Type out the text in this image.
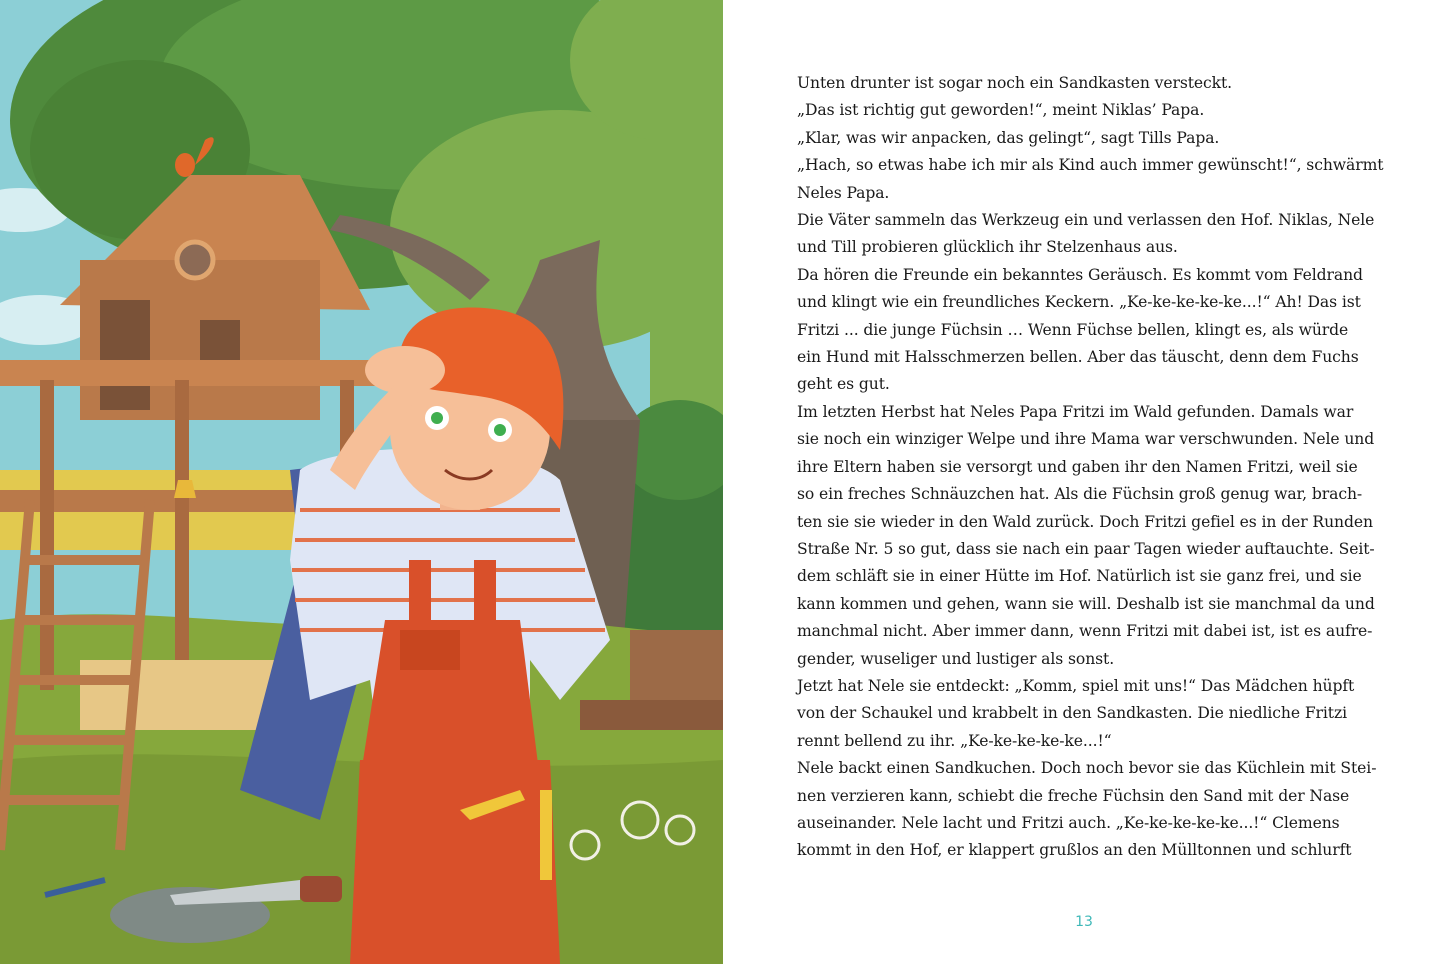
Unten drunter ist sogar noch ein Sandkasten versteckt.
„Das ist richtig gut geworden!“, meint Niklas’ Papa.
„Klar, was wir anpacken, das gelingt“, sagt Tills Papa.
„Hach, so etwas habe ich mir als Kind auch immer gewünscht!“, schwärmt
Neles Papa.
Die Väter sammeln das Werkzeug ein und verlassen den Hof. Niklas, Nele
und Till probieren glücklich ihr Stelzenhaus aus.
Da hören die Freunde ein bekanntes Geräusch. Es kommt vom Feldrand
und klingt wie ein freundliches Keckern. „Ke-ke-ke-ke-ke...!“ Ah! Das ist
Fritzi ... die junge Füchsin … Wenn Füchse bellen, klingt es, als würde
ein Hund mit Halsschmerzen bellen. Aber das täuscht, denn dem Fuchs
geht es gut.
Im letzten Herbst hat Neles Papa Fritzi im Wald gefunden. Damals war
sie noch ein winziger Welpe und ihre Mama war verschwunden. Nele und
ihre Eltern haben sie versorgt und gaben ihr den Namen Fritzi, weil sie
so ein freches Schnäuzchen hat. Als die Füchsin groß genug war, brach-
ten sie sie wieder in den Wald zurück. Doch Fritzi gefiel es in der Runden
Straße Nr. 5 so gut, dass sie nach ein paar Tagen wieder auftauchte. Seit-
dem schläft sie in einer Hütte im Hof. Natürlich ist sie ganz frei, und sie
kann kommen und gehen, wann sie will. Deshalb ist sie manchmal da und
manchmal nicht. Aber immer dann, wenn Fritzi mit dabei ist, ist es aufre-
gender, wuseliger und lustiger als sonst.
Jetzt hat Nele sie entdeckt: „Komm, spiel mit uns!“ Das Mädchen hüpft
von der Schaukel und krabbelt in den Sandkasten. Die niedliche Fritzi
rennt bellend zu ihr. „Ke-ke-ke-ke-ke...!“
Nele backt einen Sandkuchen. Doch noch bevor sie das Küchlein mit Stei-
nen verzieren kann, schiebt die freche Füchsin den Sand mit der Nase
auseinander. Nele lacht und Fritzi auch. „Ke-ke-ke-ke-ke...!“ Clemens
kommt in den Hof, er klappert grußlos an den Mülltonnen und schlurft
13
